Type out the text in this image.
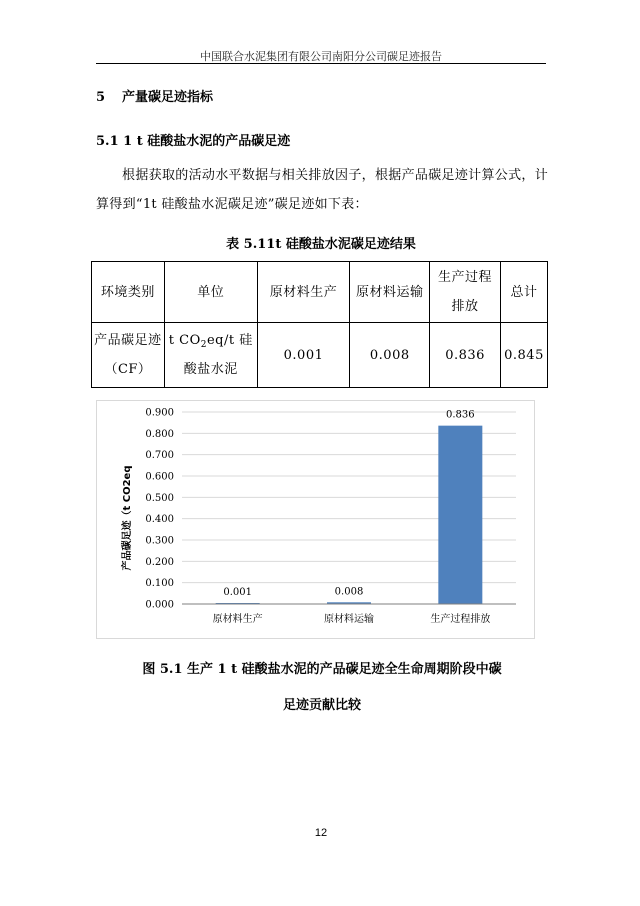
中国联合水泥集团有限公司南阳分公司碳足迹报告
5 产量碳足迹指标
5.1 1 t 硅酸盐水泥的产品碳足迹
根据获取的活动水平数据与相关排放因子，根据产品碳足迹计算公式，计算得到“1t 硅酸盐水泥碳足迹”碳足迹如下表：
表 5.11t 硅酸盐水泥碳足迹结果
环境类别	单位	原材料生产	原材料运输	生产过程排放	总计
产品碳足迹（CF）	t $CO_2eq/t$ 硅酸盐水泥	0.001	0.008	0.836	0.845
0.000
0.100
0.200
0.300
0.400
0.500
0.600
0.700
0.800
0.900
0.001
原材料生产
0.008
原材料运输
0.836
生产过程排放
产品碳足迹（t CO2eq
图 5.1 生产 1 t 硅酸盐水泥的产品碳足迹全生命周期阶段中碳
足迹贡献比较
12
